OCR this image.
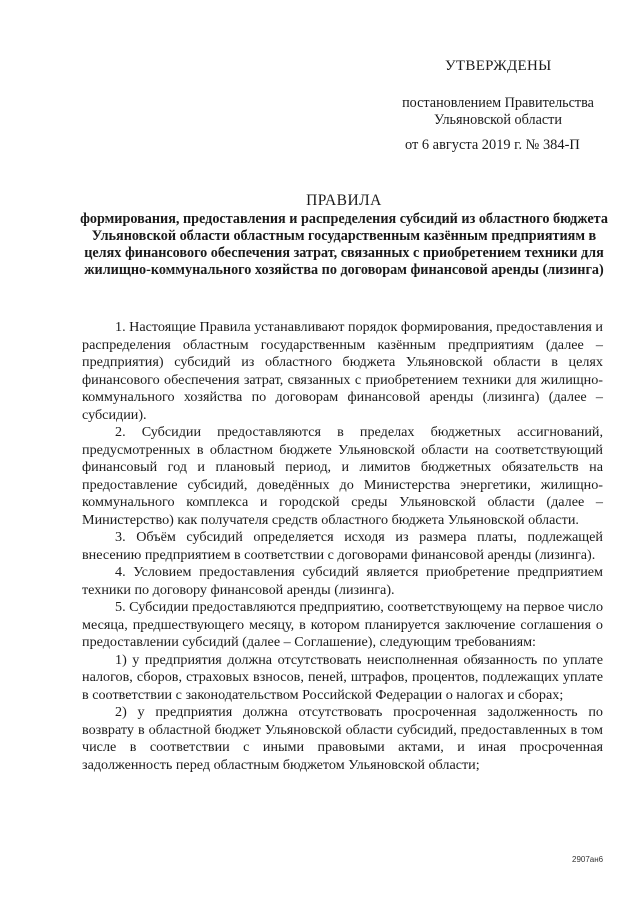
УТВЕРЖДЕНЫ
постановлением Правительства
Ульяновской области
от 6 августа 2019 г. № 384-П
ПРАВИЛА
формирования, предоставления и распределения субсидий из областного бюджета Ульяновской области областным государственным казённым предприятиям в целях финансового обеспечения затрат, связанных с приобретением техники для жилищно-коммунального хозяйства по договорам финансовой аренды (лизинга)

1. Настоящие Правила устанавливают порядок формирования, предоставления и распределения областным государственным казённым предприятиям (далее – предприятия) субсидий из областного бюджета Ульяновской области в целях финансового обеспечения затрат, связанных с приобретением техники для жилищно-коммунального хозяйства по договорам финансовой аренды (лизинга) (далее – субсидии).

2. Субсидии предоставляются в пределах бюджетных ассигнований, предусмотренных в областном бюджете Ульяновской области на соответствующий финансовый год и плановый период, и лимитов бюджетных обязательств на предоставление субсидий, доведённых до Министерства энергетики, жилищно-коммунального комплекса и городской среды Ульяновской области (далее – Министерство) как получателя средств областного бюджета Ульяновской области.

3. Объём субсидий определяется исходя из размера платы, подлежащей внесению предприятием в соответствии с договорами финансовой аренды (лизинга).

4. Условием предоставления субсидий является приобретение предприятием техники по договору финансовой аренды (лизинга).

5. Субсидии предоставляются предприятию, соответствующему на первое число месяца, предшествующего месяцу, в котором планируется заключение соглашения о предоставлении субсидий (далее – Соглашение), следующим требованиям:

1) у предприятия должна отсутствовать неисполненная обязанность по уплате налогов, сборов, страховых взносов, пеней, штрафов, процентов, подлежащих уплате в соответствии с законодательством Российской Федерации о налогах и сборах;

2) у предприятия должна отсутствовать просроченная задолженность по возврату в областной бюджет Ульяновской области субсидий, предоставленных в том числе в соответствии с иными правовыми актами, и иная просроченная задолженность перед областным бюджетом Ульяновской области;

2907ан6
